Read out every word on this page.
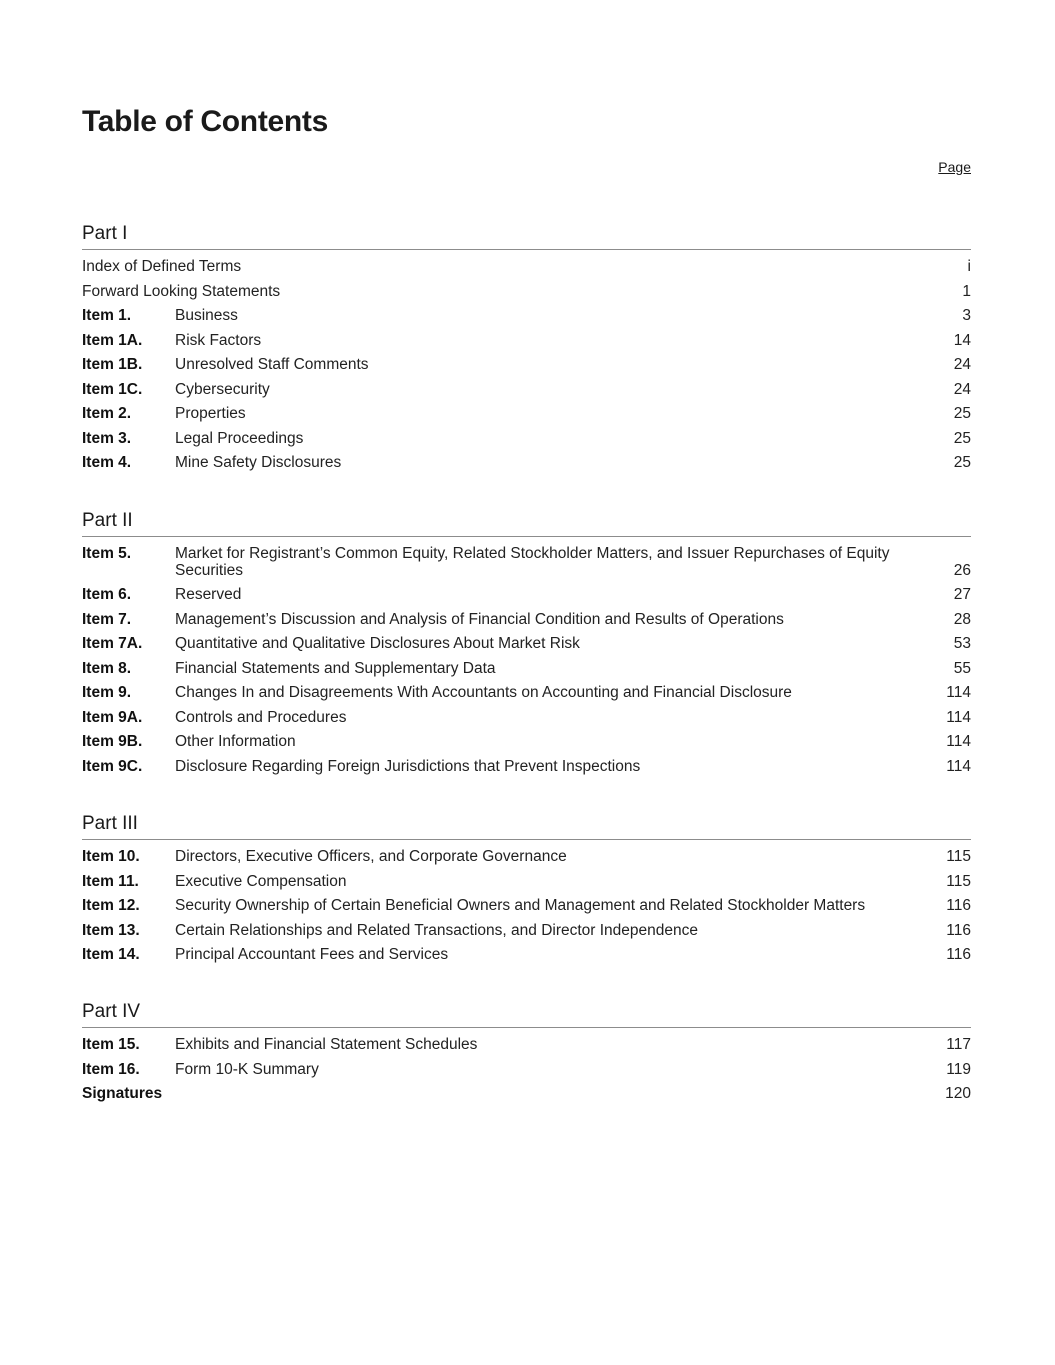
Table of Contents
Page
Part I
Index of Defined Terms	i
Forward Looking Statements	1
Item 1.	Business	3
Item 1A.	Risk Factors	14
Item 1B.	Unresolved Staff Comments	24
Item 1C.	Cybersecurity	24
Item 2.	Properties	25
Item 3.	Legal Proceedings	25
Item 4.	Mine Safety Disclosures	25
Part II
Item 5.	Market for Registrant’s Common Equity, Related Stockholder Matters, and Issuer Repurchases of Equity Securities	26
Item 6.	Reserved	27
Item 7.	Management’s Discussion and Analysis of Financial Condition and Results of Operations	28
Item 7A.	Quantitative and Qualitative Disclosures About Market Risk	53
Item 8.	Financial Statements and Supplementary Data	55
Item 9.	Changes In and Disagreements With Accountants on Accounting and Financial Disclosure	114
Item 9A.	Controls and Procedures	114
Item 9B.	Other Information	114
Item 9C.	Disclosure Regarding Foreign Jurisdictions that Prevent Inspections	114
Part III
Item 10.	Directors, Executive Officers, and Corporate Governance	115
Item 11.	Executive Compensation	115
Item 12.	Security Ownership of Certain Beneficial Owners and Management and Related Stockholder Matters	116
Item 13.	Certain Relationships and Related Transactions, and Director Independence	116
Item 14.	Principal Accountant Fees and Services	116
Part IV
Item 15.	Exhibits and Financial Statement Schedules	117
Item 16.	Form 10-K Summary	119
Signatures	120
